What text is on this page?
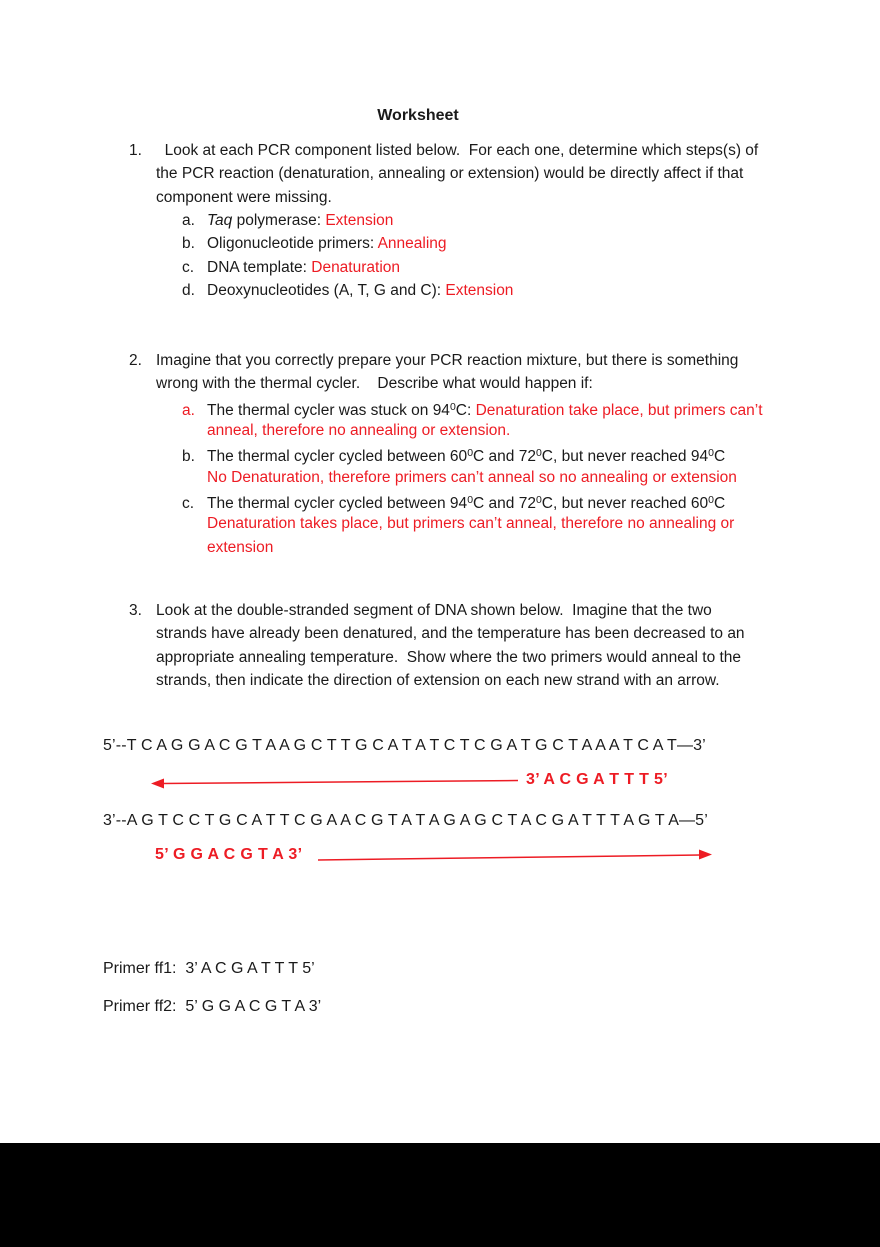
Worksheet
1.  Look at each PCR component listed below.  For each one, determine which steps(s) of
the PCR reaction (denaturation, annealing or extension) would be directly affect if that
component were missing.
a. Taq polymerase: Extension
b. Oligonucleotide primers: Annealing
c. DNA template: Denaturation
d. Deoxynucleotides (A, T, G and C): Extension
2. Imagine that you correctly prepare your PCR reaction mixture, but there is something
wrong with the thermal cycler.    Describe what would happen if:
a. The thermal cycler was stuck on $94^0C$: Denaturation take place, but primers can’t
anneal, therefore no annealing or extension.
b. The thermal cycler cycled between $60^0C$ and $72^0C$, but never reached $94^0C$
No Denaturation, therefore primers can’t anneal so no annealing or extension
c. The thermal cycler cycled between $94^0C$ and $72^0C$, but never reached $60^0C$
Denaturation takes place, but primers can’t anneal, therefore no annealing or
extension
3. Look at the double-stranded segment of DNA shown below.  Imagine that the two
strands have already been denatured, and the temperature has been decreased to an
appropriate annealing temperature.  Show where the two primers would anneal to the
strands, then indicate the direction of extension on each new strand with an arrow.
5’--T C A G G A C G T A A G C T T G C A T A T C T C G A T G C T A A A T C A T—3’
3’ A C G A T T T 5’
3’--A G T C C T G C A T T C G A A C G T A T A G A G C T A C G A T T T A G T A—5’
5’ G G A C G T A 3’
Primer ff1:  3’ A C G A T T T 5’
Primer ff2:  5’ G G A C G T A 3’
